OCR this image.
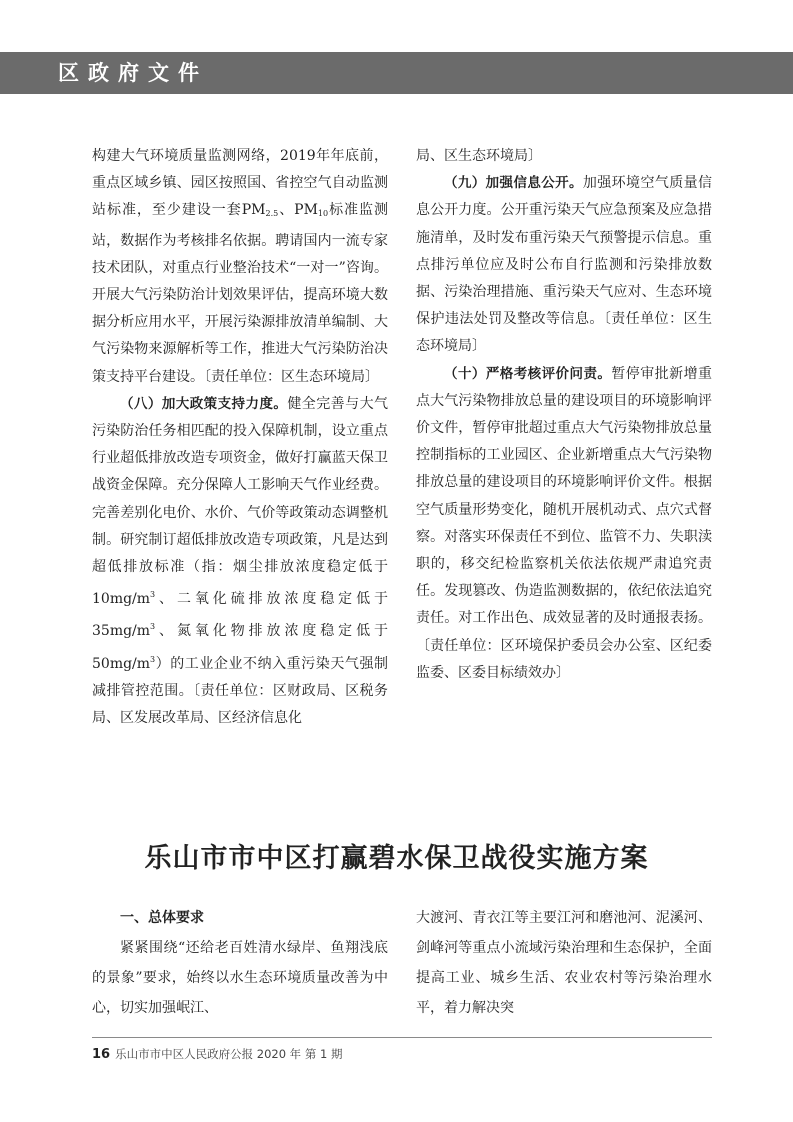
区政府文件

构建大气环境质量监测网络，2019年年底前，重点区域乡镇、园区按照国、省控空气自动监测站标准，至少建设一套$PM_{2.5}$、$PM_{10}$标准监测站，数据作为考核排名依据。聘请国内一流专家技术团队，对重点行业整治技术“一对一”咨询。开展大气污染防治计划效果评估，提高环境大数据分析应用水平，开展污染源排放清单编制、大气污染物来源解析等工作，推进大气污染防治决策支持平台建设。〔责任单位：区生态环境局〕

（八）加大政策支持力度。健全完善与大气污染防治任务相匹配的投入保障机制，设立重点行业超低排放改造专项资金，做好打赢蓝天保卫战资金保障。充分保障人工影响天气作业经费。完善差别化电价、水价、气价等政策动态调整机制。研究制订超低排放改造专项政策，凡是达到超低排放标准（指：烟尘排放浓度稳定低于$10mg/m^3$、二氧化硫排放浓度稳定低于$35mg/m^3$、氮氧化物排放浓度稳定低于$50mg/m^3$）的工业企业不纳入重污染天气强制减排管控范围。〔责任单位：区财政局、区税务局、区发展改革局、区经济信息化

局、区生态环境局〕

（九）加强信息公开。加强环境空气质量信息公开力度。公开重污染天气应急预案及应急措施清单，及时发布重污染天气预警提示信息。重点排污单位应及时公布自行监测和污染排放数据、污染治理措施、重污染天气应对、生态环境保护违法处罚及整改等信息。〔责任单位：区生态环境局〕

（十）严格考核评价问责。暂停审批新增重点大气污染物排放总量的建设项目的环境影响评价文件，暂停审批超过重点大气污染物排放总量控制指标的工业园区、企业新增重点大气污染物排放总量的建设项目的环境影响评价文件。根据空气质量形势变化，随机开展机动式、点穴式督察。对落实环保责任不到位、监管不力、失职渎职的，移交纪检监察机关依法依规严肃追究责任。发现篡改、伪造监测数据的，依纪依法追究责任。对工作出色、成效显著的及时通报表扬。〔责任单位：区环境保护委员会办公室、区纪委监委、区委目标绩效办〕

乐山市市中区打赢碧水保卫战役实施方案

一、总体要求

紧紧围绕“还给老百姓清水绿岸、鱼翔浅底的景象”要求，始终以水生态环境质量改善为中心，切实加强岷江、

大渡河、青衣江等主要江河和磨池河、泥溪河、剑峰河等重点小流域污染治理和生态保护，全面提高工业、城乡生活、农业农村等污染治理水平，着力解决突

16 乐山市市中区人民政府公报 2020 年 第 1 期
